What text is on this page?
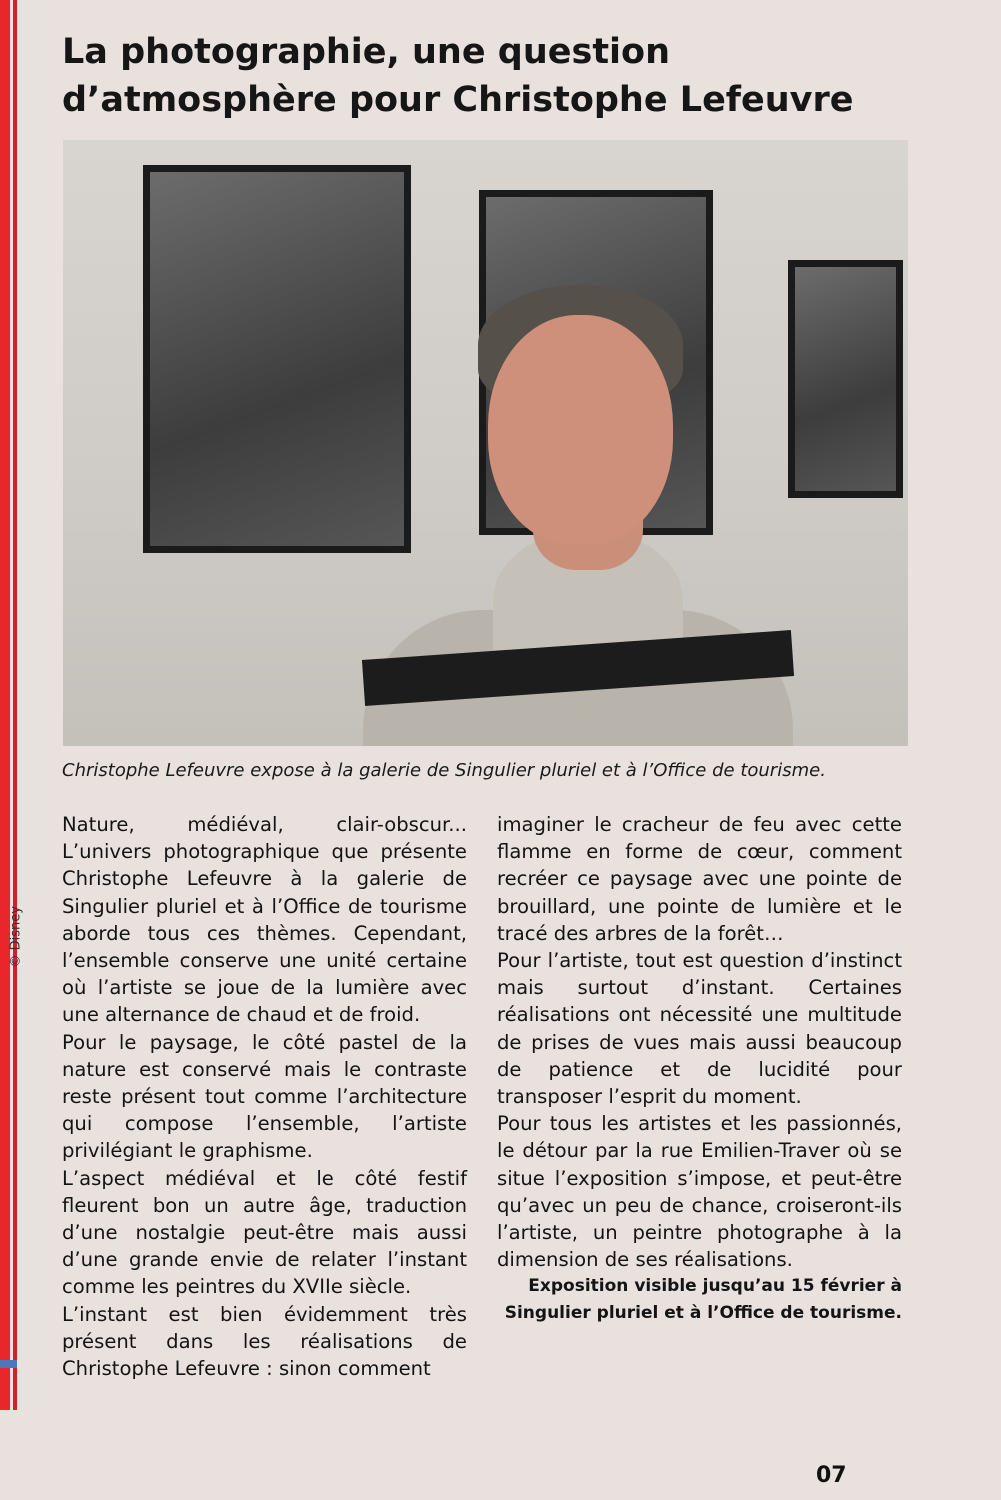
© Disney
La photographie, une question d’atmosphère pour Christophe Lefeuvre
Christophe Lefeuvre expose à la galerie de Singulier pluriel et à l’Office de tourisme.

Nature, médiéval, clair-obscur... L’univers photographique que présente Christophe Lefeuvre à la galerie de Singulier pluriel et à l’Office de tourisme aborde tous ces thèmes. Cependant, l’ensemble conserve une unité certaine où l’artiste se joue de la lumière avec une alternance de chaud et de froid.

Pour le paysage, le côté pastel de la nature est conservé mais le contraste reste présent tout comme l’architecture qui compose l’ensemble, l’artiste privilégiant le graphisme.

L’aspect médiéval et le côté festif fleurent bon un autre âge, traduction d’une nostalgie peut-être mais aussi d’une grande envie de relater l’instant comme les peintres du XVIIe siècle.

L’instant est bien évidemment très présent dans les réalisations de Christophe Lefeuvre : sinon comment

imaginer le cracheur de feu avec cette flamme en forme de cœur, comment recréer ce paysage avec une pointe de brouillard, une pointe de lumière et le tracé des arbres de la forêt…

Pour l’artiste, tout est question d’instinct mais surtout d’instant. Certaines réalisations ont nécessité une multitude de prises de vues mais aussi beaucoup de patience et de lucidité pour transposer l’esprit du moment.

Pour tous les artistes et les passionnés, le détour par la rue Emilien-Traver où se situe l’exposition s’impose, et peut-être qu’avec un peu de chance, croiseront-ils l’artiste, un peintre photographe à la dimension de ses réalisations.

Exposition visible jusqu’au 15 février à Singulier pluriel et à l’Office de tourisme.

07
